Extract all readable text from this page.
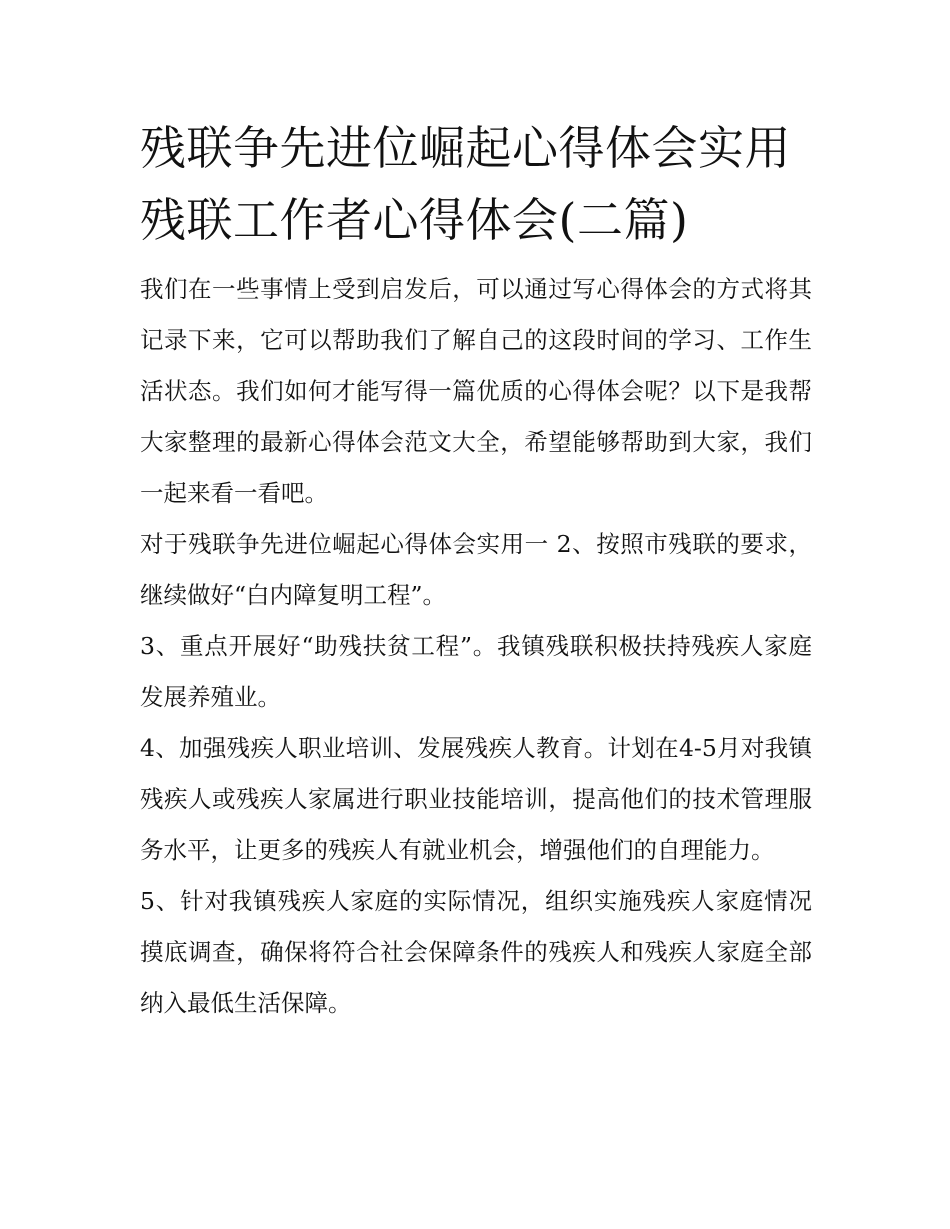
残联争先进位崛起心得体会实用 残联工作者心得体会(二篇)

我们在一些事情上受到启发后，可以通过写心得体会的方式将其记录下来，它可以帮助我们了解自己的这段时间的学习、工作生活状态。我们如何才能写得一篇优质的心得体会呢？以下是我帮大家整理的最新心得体会范文大全，希望能够帮助到大家，我们一起来看一看吧。

对于残联争先进位崛起心得体会实用一 2、按照市残联的要求，继续做好“白内障复明工程”。

3、重点开展好“助残扶贫工程”。我镇残联积极扶持残疾人家庭发展养殖业。

4、加强残疾人职业培训、发展残疾人教育。计划在4-5月对我镇残疾人或残疾人家属进行职业技能培训，提高他们的技术管理服务水平，让更多的残疾人有就业机会，增强他们的自理能力。

5、针对我镇残疾人家庭的实际情况，组织实施残疾人家庭情况摸底调查，确保将符合社会保障条件的残疾人和残疾人家庭全部纳入最低生活保障。
